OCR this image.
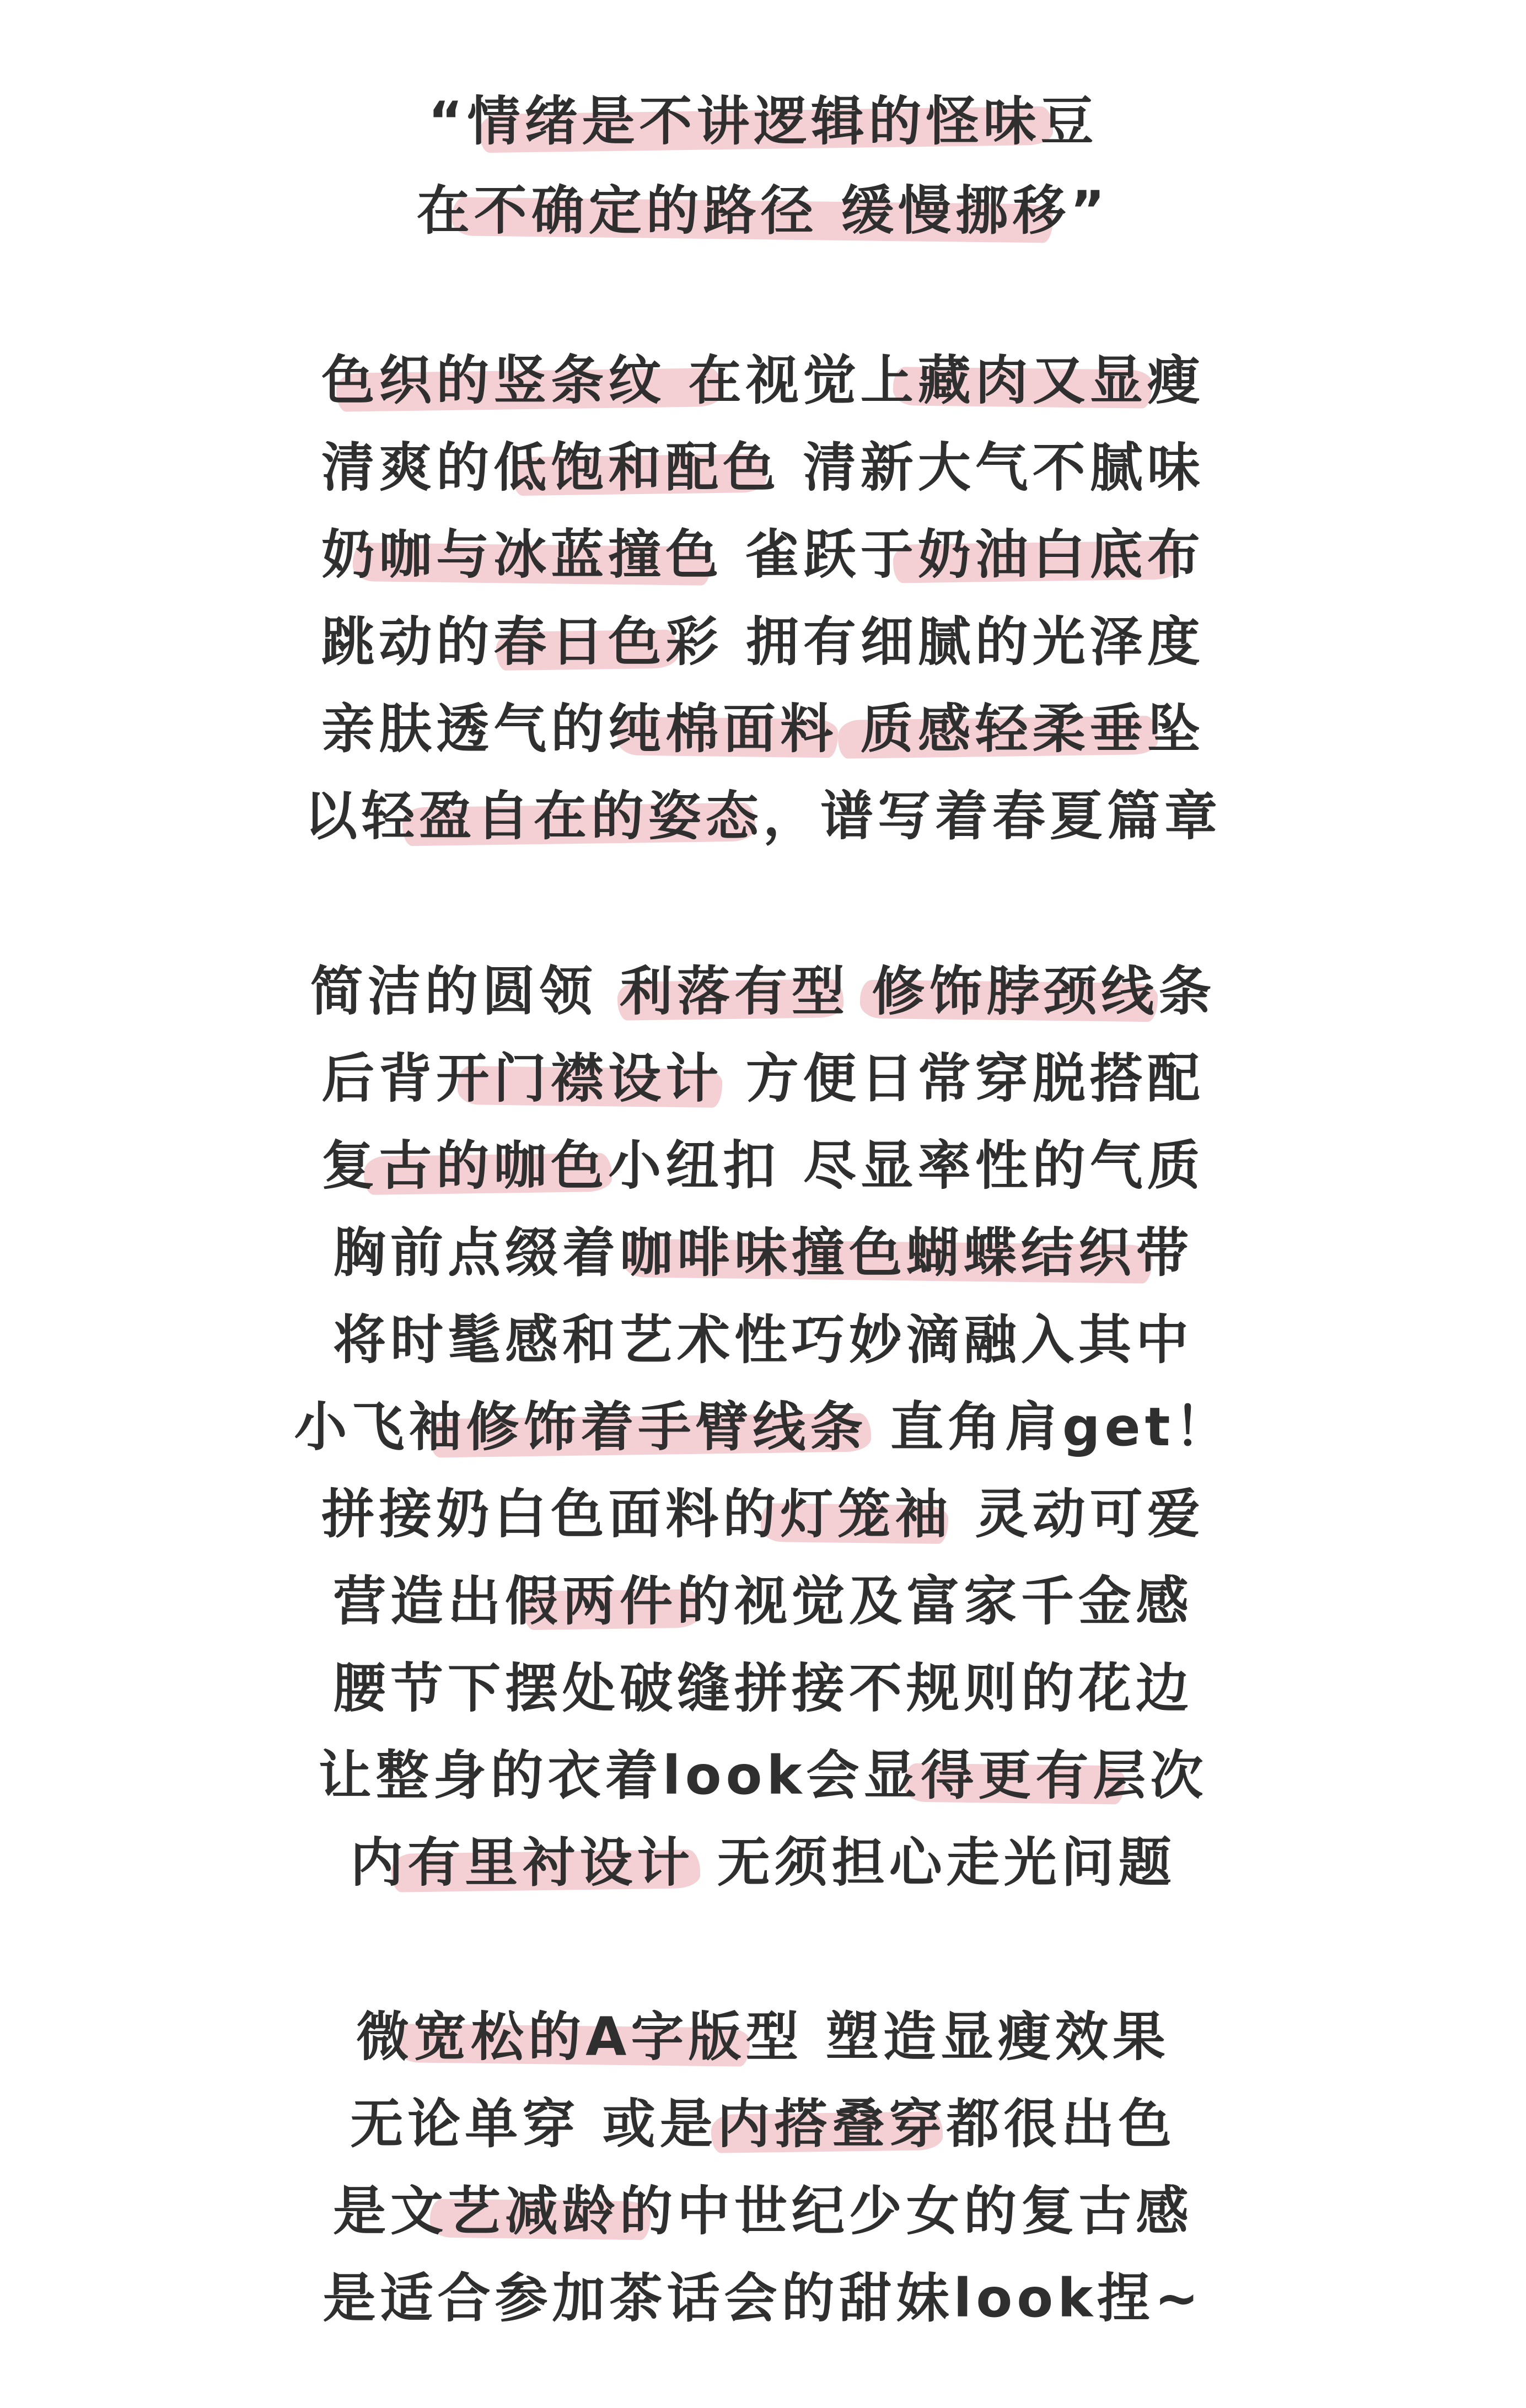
“情绪是不讲逻辑的怪味豆
在不确定的路径 缓慢挪移”
色织的竖条纹 在视觉上藏肉又显瘦
清爽的低饱和配色 清新大气不腻味
奶咖与冰蓝撞色 雀跃于奶油白底布
跳动的春日色彩 拥有细腻的光泽度
亲肤透气的纯棉面料 质感轻柔垂坠
以轻盈自在的姿态，谱写着春夏篇章
简洁的圆领 利落有型 修饰脖颈线条
后背开门襟设计 方便日常穿脱搭配
复古的咖色小纽扣 尽显率性的气质
胸前点缀着咖啡味撞色蝴蝶结织带
将时髦感和艺术性巧妙滴融入其中
小飞袖修饰着手臂线条 直角肩get！
拼接奶白色面料的灯笼袖 灵动可爱
营造出假两件的视觉及富家千金感
腰节下摆处破缝拼接不规则的花边
让整身的衣着look会显得更有层次
内有里衬设计 无须担心走光问题
微宽松的A字版型 塑造显瘦效果
无论单穿 或是内搭叠穿都很出色
是文艺减龄的中世纪少女的复古感
是适合参加茶话会的甜妹look捏~
